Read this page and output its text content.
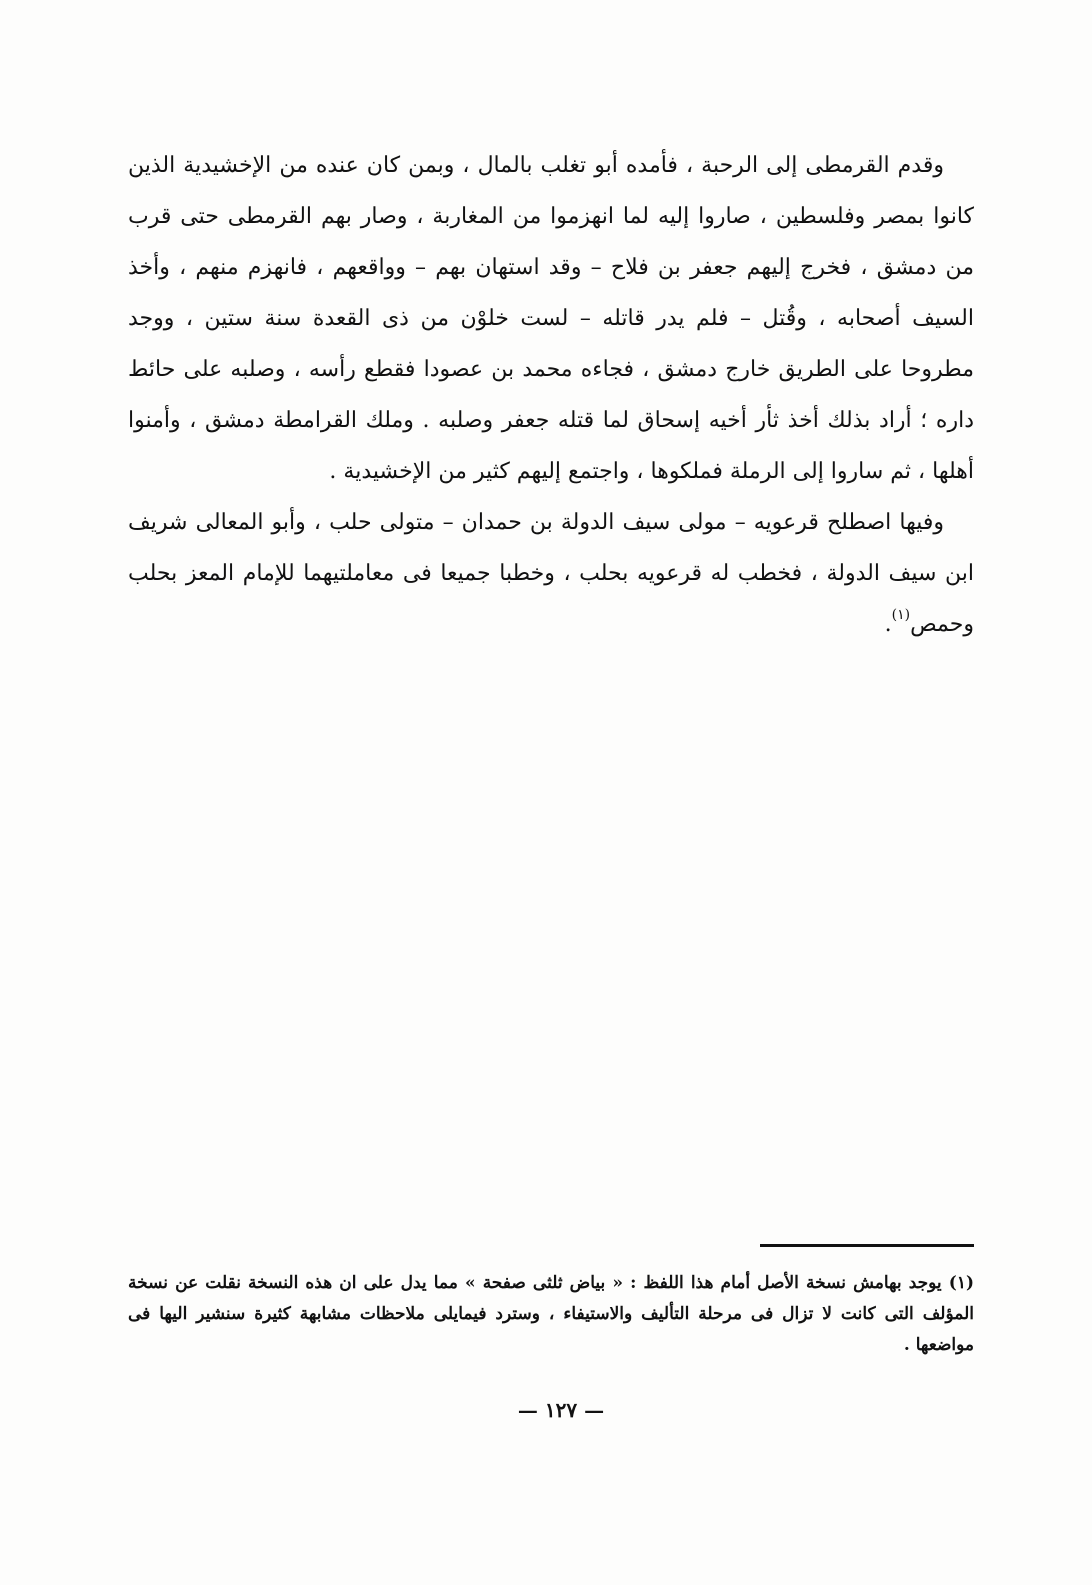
وقدم القرمطى إلى الرحبة ، فأمده أبو تغلب بالمال ، وبمن كان عنده من الإخشيدية الذين كانوا بمصر وفلسطين ، صاروا إليه لما انهزموا من المغاربة ، وصار بهم القرمطى حتى قرب من دمشق ، فخرج إليهم جعفر بن فلاح – وقد استهان بهم – وواقعهم ، فانهزم منهم ، وأخذ السيف أصحابه ، وقُتل – فلم يدر قاتله – لست خلوْن من ذى القعدة سنة ستين ، ووجد مطروحا على الطريق خارج دمشق ، فجاءه محمد بن عصودا فقطع رأسه ، وصلبه على حائط داره ؛ أراد بذلك أخذ ثأر أخيه إسحاق لما قتله جعفر وصلبه . وملك القرامطة دمشق ، وأمنوا أهلها ، ثم ساروا إلى الرملة فملكوها ، واجتمع إليهم كثير من الإخشيدية .

وفيها اصطلح قرعويه – مولى سيف الدولة بن حمدان – متولى حلب ، وأبو المعالى شريف ابن سيف الدولة ، فخطب له قرعويه بحلب ، وخطبا جميعا فى معاملتيهما للإمام المعز بحلب وحمص$^{(١)}$.

(١) يوجد بهامش نسخة الأصل أمام هذا اللفظ : « بياض ثلثى صفحة » مما يدل على ان هذه النسخة نقلت عن نسخة المؤلف التى كانت لا تزال فى مرحلة التأليف والاستيفاء ، وسترد فيمايلى ملاحظات مشابهة كثيرة سنشير اليها فى مواضعها .

— ١٢٧ —
